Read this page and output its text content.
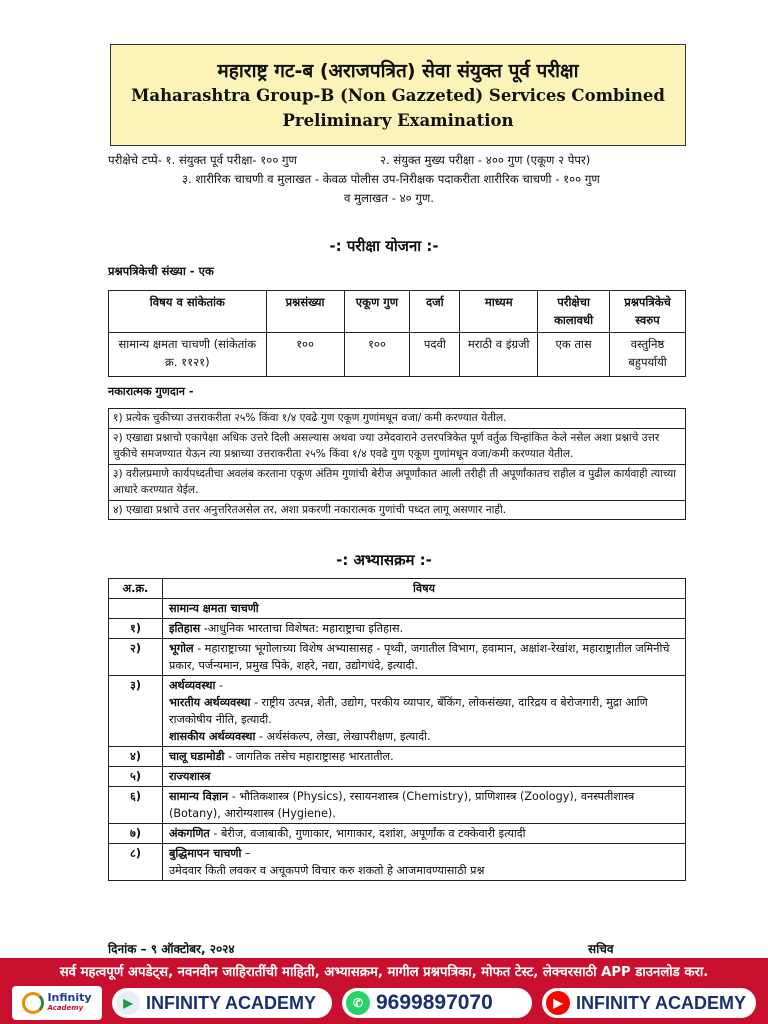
महाराष्ट्र गट-ब (अराजपत्रित) सेवा संयुक्त पूर्व परीक्षा
Maharashtra Group-B (Non Gazzeted) Services Combined
Preliminary Examination
परीक्षेचे टप्पे- १. संयुक्त पूर्व परीक्षा- १०० गुण	२. संयुक्त मुख्य परीक्षा - ४०० गुण (एकूण २ पेपर)
३. शारीरिक चाचणी व मुलाखत - केवळ पोलीस उप-निरीक्षक पदाकरीता शारीरिक चाचणी - १०० गुण
व मुलाखत - ४० गुण.
-: परीक्षा योजना :-
प्रश्नपत्रिकेची संख्या - एक
विषय व सांकेतांक	प्रश्नसंख्या	एकूण गुण	दर्जा	माध्यम	परीक्षेचा कालावधी	प्रश्नपत्रिकेचे स्वरुप
सामान्य क्षमता चाचणी (सांकेतांक क्र. ११२१)	१००	१००	पदवी	मराठी व इंग्रजी	एक तास	वस्तुनिष्ठ बहुपर्यायी
नकारात्मक गुणदान -
१) प्रत्येक चुकीच्या उत्तराकरीता २५% किंवा १/४ एवढे गुण एकूण गुणांमधून वजा/ कमी करण्यात येतील.
२) एखाद्या प्रश्नाचो एकापेक्षा अधिक उत्तरे दिली असल्यास अथवा ज्या उमेदवाराने उत्तरपत्रिकेत पूर्ण वर्तुळ चिन्हांकित केले नसेल अशा प्रश्नाचे उत्तर चुकीचे समजण्यात येऊन त्या प्रश्नाच्या उत्तराकरीता २५% किंवा १/४ एवढे गुण एकूण गुणांमधून वजा/कमी करण्यात येतील.
३) वरीलप्रमाणे कार्यपध्दतीचा अवलंब करताना एकूण अंतिम गुणांची बेरीज अपूर्णांकात आली तरीही ती अपूर्णांकातच राहील व पुढील कार्यवाही त्याच्या आधारे करण्यात येईल.
४) एखाद्या प्रश्नाचे उत्तर अनुत्तरितअसेल तर, अशा प्रकरणी नकारात्मक गुणांची पध्दत लागू असणार नाही.
-: अभ्यासक्रम :-
अ.क्र.	विषय
	सामान्य क्षमता चाचणी
१)	इतिहास -आधुनिक भारताचा विशेषत: महाराष्ट्राचा इतिहास.
२)	भूगोल - महाराष्ट्राच्या भूगोलाच्या विशेष अभ्यासासह - पृथ्वी, जगातील विभाग, हवामान, अक्षांश-रेखांश, महाराष्ट्रातील जमिनीचे प्रकार, पर्जन्यमान, प्रमुख पिके, शहरे, नद्या, उद्योगधंदे, इत्यादी.
३)	अर्थव्यवस्था -
भारतीय अर्थव्यवस्था - राष्ट्रीय उत्पन्न, शेती, उद्योग, परकीय व्यापार, बॅंकिंग, लोकसंख्या, दारिद्रय व बेरोजगारी, मुद्रा आणि राजकोषीय नीति, इत्यादी.
शासकीय अर्थव्यवस्था - अर्थसंकल्प, लेखा, लेखापरीक्षण, इत्यादी.

४)	चालू घडामोडी - जागतिक तसेच महाराष्ट्रासह भारतातील.
५)	राज्यशास्त्र
६)	सामान्य विज्ञान - भौतिकशास्त्र (Physics), रसायनशास्त्र (Chemistry), प्राणिशास्त्र (Zoology), वनस्पतीशास्त्र (Botany), आरोग्यशास्त्र (Hygiene).
७)	अंकगणित - बेरीज, वजाबाकी, गुणाकार, भागाकार, दशांश, अपूर्णांक व टक्केवारी इत्यादी
८)	बुद्धिमापन चाचणी –
उमेदवार किती लवकर व अचूकपणे विचार करु शकतो हे आजमावण्यासाठी प्रश्न
दिनांक – ९ ऑक्टोबर, २०२४	सचिव
सर्व महत्वपूर्ण अपडेट्स, नवनवीन जाहिरातींची माहिती, अभ्यासक्रम, मागील प्रश्नपत्रिका, मोफत टेस्ट, लेक्चरसाठी APP डाउनलोड करा.
Infinity
Academy	▶ INFINITY ACADEMY	✆ 9699897070	▶ INFINITY ACADEMY
